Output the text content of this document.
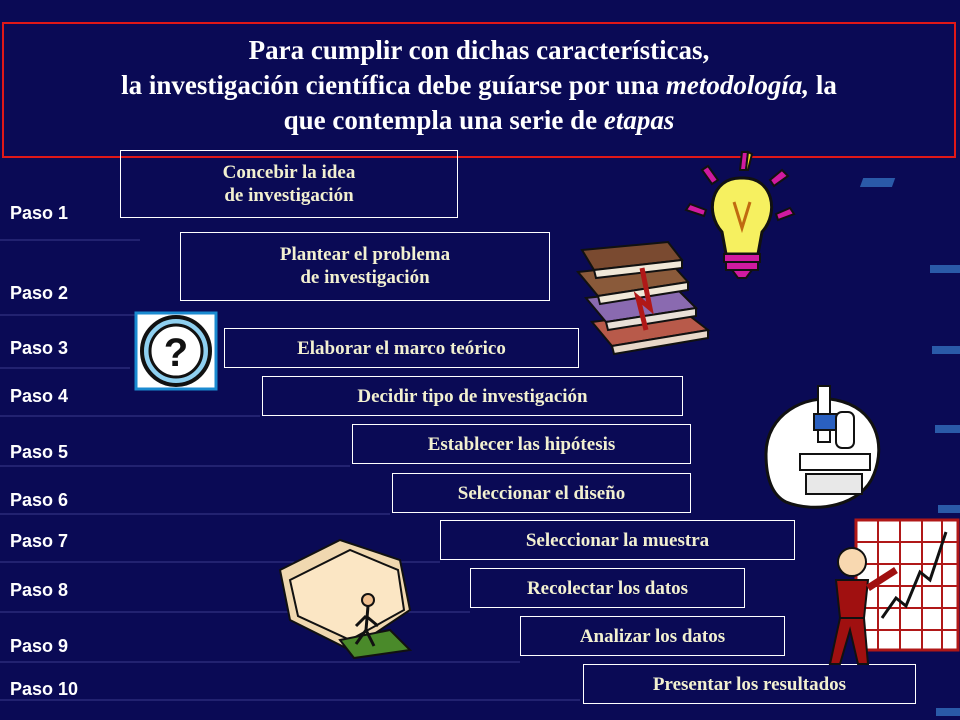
Para cumplir con dichas características,
la investigación científica debe guíarse por una metodología, la
que contempla una serie de etapas
Paso 1
Paso 2
Paso 3
Paso 4
Paso 5
Paso 6
Paso 7
Paso 8
Paso 9
Paso 10
Concebir la idea
de investigación
Plantear el problema
de investigación
Elaborar el marco teórico
Decidir tipo de investigación
Establecer las hipótesis
Seleccionar el diseño
Seleccionar la muestra
Recolectar los datos
Analizar los datos
Presentar los resultados
?
